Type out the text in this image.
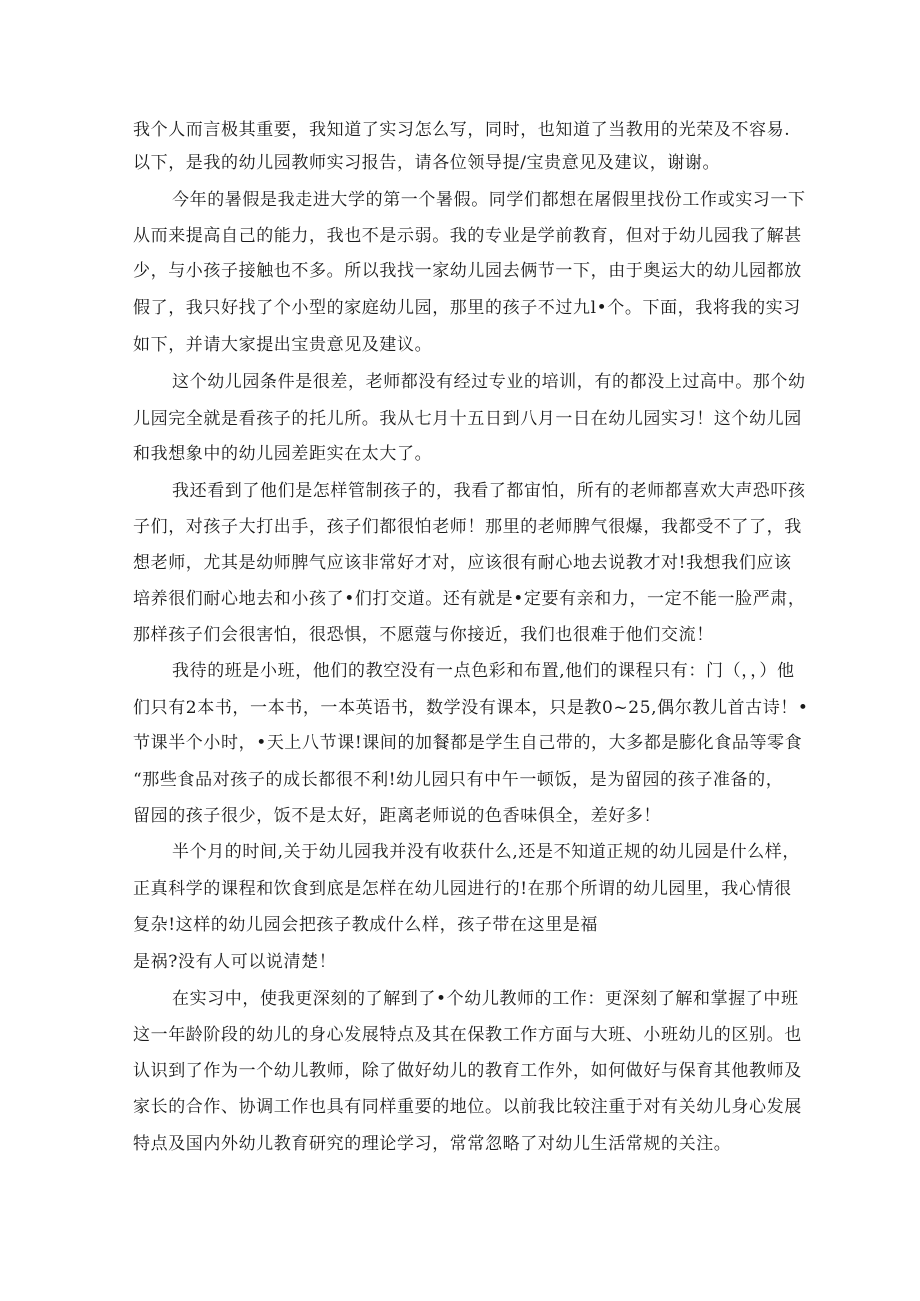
我个人而言极其重要，我知道了实习怎么写，同时，也知道了当教用的光荣及不容易.
以下，是我的幼儿园教师实习报告，请各位领导提/宝贵意见及建议，谢谢。
今年的暑假是我走进大学的第一个暑假。同学们都想在屠假里找份工作或实习一下
从而来提高自己的能力，我也不是示弱。我的专业是学前教育，但对于幼儿园我了解甚
少，与小孩子接触也不多。所以我找一家幼儿园去俩节一下，由于奥运大的幼儿园都放
假了，我只好找了个小型的家庭幼儿园，那里的孩子不过九l•个。下面，我将我的实习
如下，并请大家提出宝贵意见及建议。
这个幼儿园条件是很差，老师都没有经过专业的培训，有的都没上过高中。那个幼
儿园完全就是看孩子的托儿所。我从七月十五日到八月一日在幼儿园实习！这个幼儿园
和我想象中的幼儿园差距实在太大了。
我还看到了他们是怎样管制孩子的，我看了都宙怕，所有的老师都喜欢大声恐吓孩
子们，对孩子大打出手，孩子们都很怕老师！那里的老师脾气很爆，我都受不了了，我
想老师，尤其是幼师脾气应该非常好才对，应该很有耐心地去说教才对!我想我们应该
培养很们耐心地去和小孩了•们打交道。还有就是•定要有亲和力，一定不能一脸严肃，
那样孩子们会很害怕，很恐惧，不愿蔻与你接近，我们也很难于他们交流！
我待的班是小班，他们的教空没有一点色彩和布置,他们的课程只有：门（，，）他
们只有2本书，一本书，一本英语书，数学没有课本，只是教0~25,偶尔教儿首古诗！•
节课半个小时，•天上八节课!课间的加餐都是学生自己带的，大多都是膨化食品等零食
“那些食品对孩子的成长都很不利!幼儿园只有中午一顿饭，是为留园的孩子准备的，
留园的孩子很少，饭不是太好，距离老师说的色香味俱全，差好多！
半个月的时间,关于幼儿园我并没有收获什么,还是不知道正规的幼儿园是什么样，
正真科学的课程和饮食到底是怎样在幼儿园进行的!在那个所谓的幼儿园里，我心情很
复杂!这样的幼儿园会把孩子教成什么样，孩子带在这里是福
是祸?没有人可以说清楚！
在实习中，使我更深刻的了解到了•个幼儿教师的工作：更深刻了解和掌握了中班
这一年龄阶段的幼儿的身心发展特点及其在保教工作方面与大班、小班幼儿的区别。也
认识到了作为一个幼儿教师，除了做好幼儿的教育工作外，如何做好与保育其他教师及
家长的合作、协调工作也具有同样重要的地位。以前我比较注重于对有关幼儿身心发展
特点及国内外幼儿教育研究的理论学习，常常忽略了对幼儿生活常规的关注。
